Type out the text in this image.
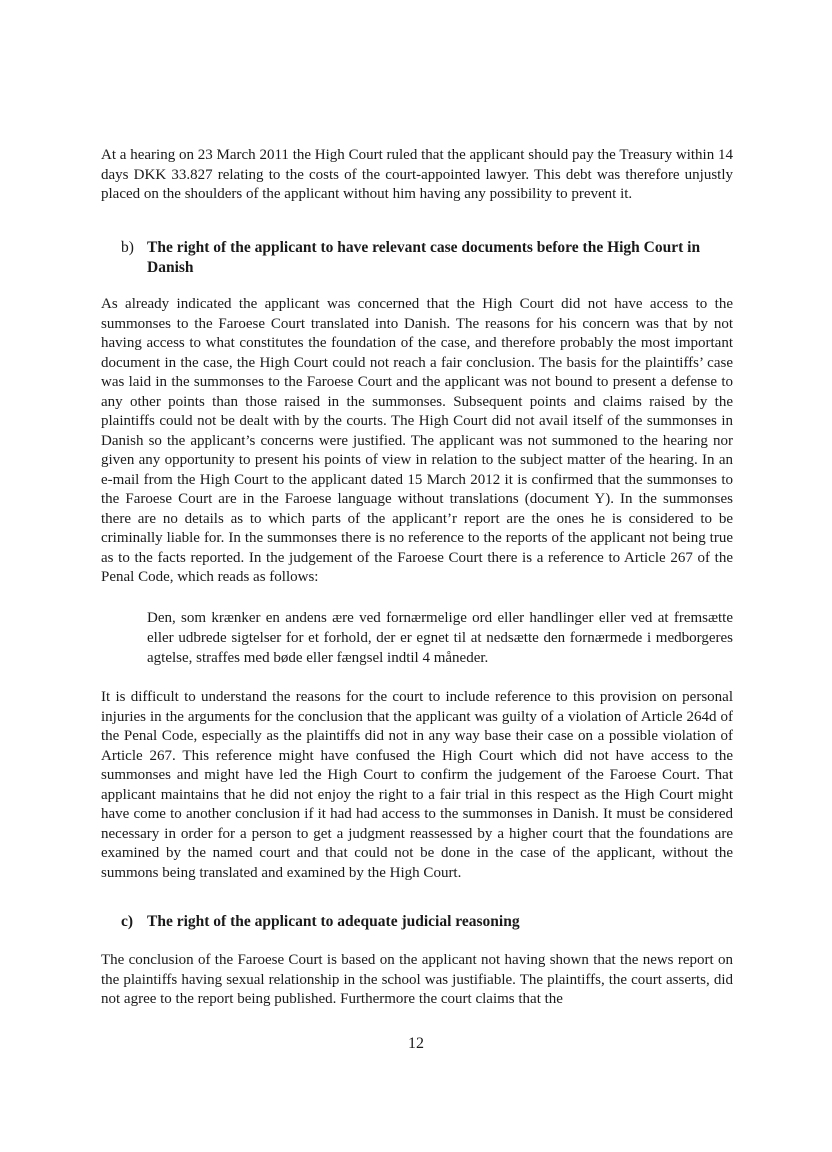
At a hearing on 23 March 2011 the High Court ruled that the applicant should pay the Treasury within 14 days DKK 33.827 relating to the costs of the court-appointed lawyer. This debt was therefore unjustly placed on the shoulders of the applicant without him having any possibility to prevent it.

b) The right of the applicant to have relevant case documents before the High Court in Danish

As already indicated the applicant was concerned that the High Court did not have access to the summonses to the Faroese Court translated into Danish. The reasons for his concern was that by not having access to what constitutes the foundation of the case, and therefore probably the most important document in the case, the High Court could not reach a fair conclusion. The basis for the plaintiffs’ case was laid in the summonses to the Faroese Court and the applicant was not bound to present a defense to any other points than those raised in the summonses. Subsequent points and claims raised by the plaintiffs could not be dealt with by the courts. The High Court did not avail itself of the summonses in Danish so the applicant’s concerns were justified. The applicant was not summoned to the hearing nor given any opportunity to present his points of view in relation to the subject matter of the hearing. In an e-mail from the High Court to the applicant dated 15 March 2012 it is confirmed that the summonses to the Faroese Court are in the Faroese language without translations (document Y). In the summonses there are no details as to which parts of the applicant’r report are the ones he is considered to be criminally liable for. In the summonses there is no reference to the reports of the applicant not being true as to the facts reported. In the judgement of the Faroese Court there is a reference to Article 267 of the Penal Code, which reads as follows:

Den, som krænker en andens ære ved fornærmelige ord eller handlinger eller ved at fremsætte eller udbrede sigtelser for et forhold, der er egnet til at nedsætte den fornærmede i medborgeres agtelse, straffes med bøde eller fængsel indtil 4 måneder.

It is difficult to understand the reasons for the court to include reference to this provision on personal injuries in the arguments for the conclusion that the applicant was guilty of a violation of Article 264d of the Penal Code, especially as the plaintiffs did not in any way base their case on a possible violation of Article 267. This reference might have confused the High Court which did not have access to the summonses and might have led the High Court to confirm the judgement of the Faroese Court. That applicant maintains that he did not enjoy the right to a fair trial in this respect as the High Court might have come to another conclusion if it had had access to the summonses in Danish. It must be considered necessary in order for a person to get a judgment reassessed by a higher court that the foundations are examined by the named court and that could not be done in the case of the applicant, without the summons being translated and examined by the High Court.

c) The right of the applicant to adequate judicial reasoning

The conclusion of the Faroese Court is based on the applicant not having shown that the news report on the plaintiffs having sexual relationship in the school was justifiable. The plaintiffs, the court asserts, did not agree to the report being published. Furthermore the court claims that the

12
